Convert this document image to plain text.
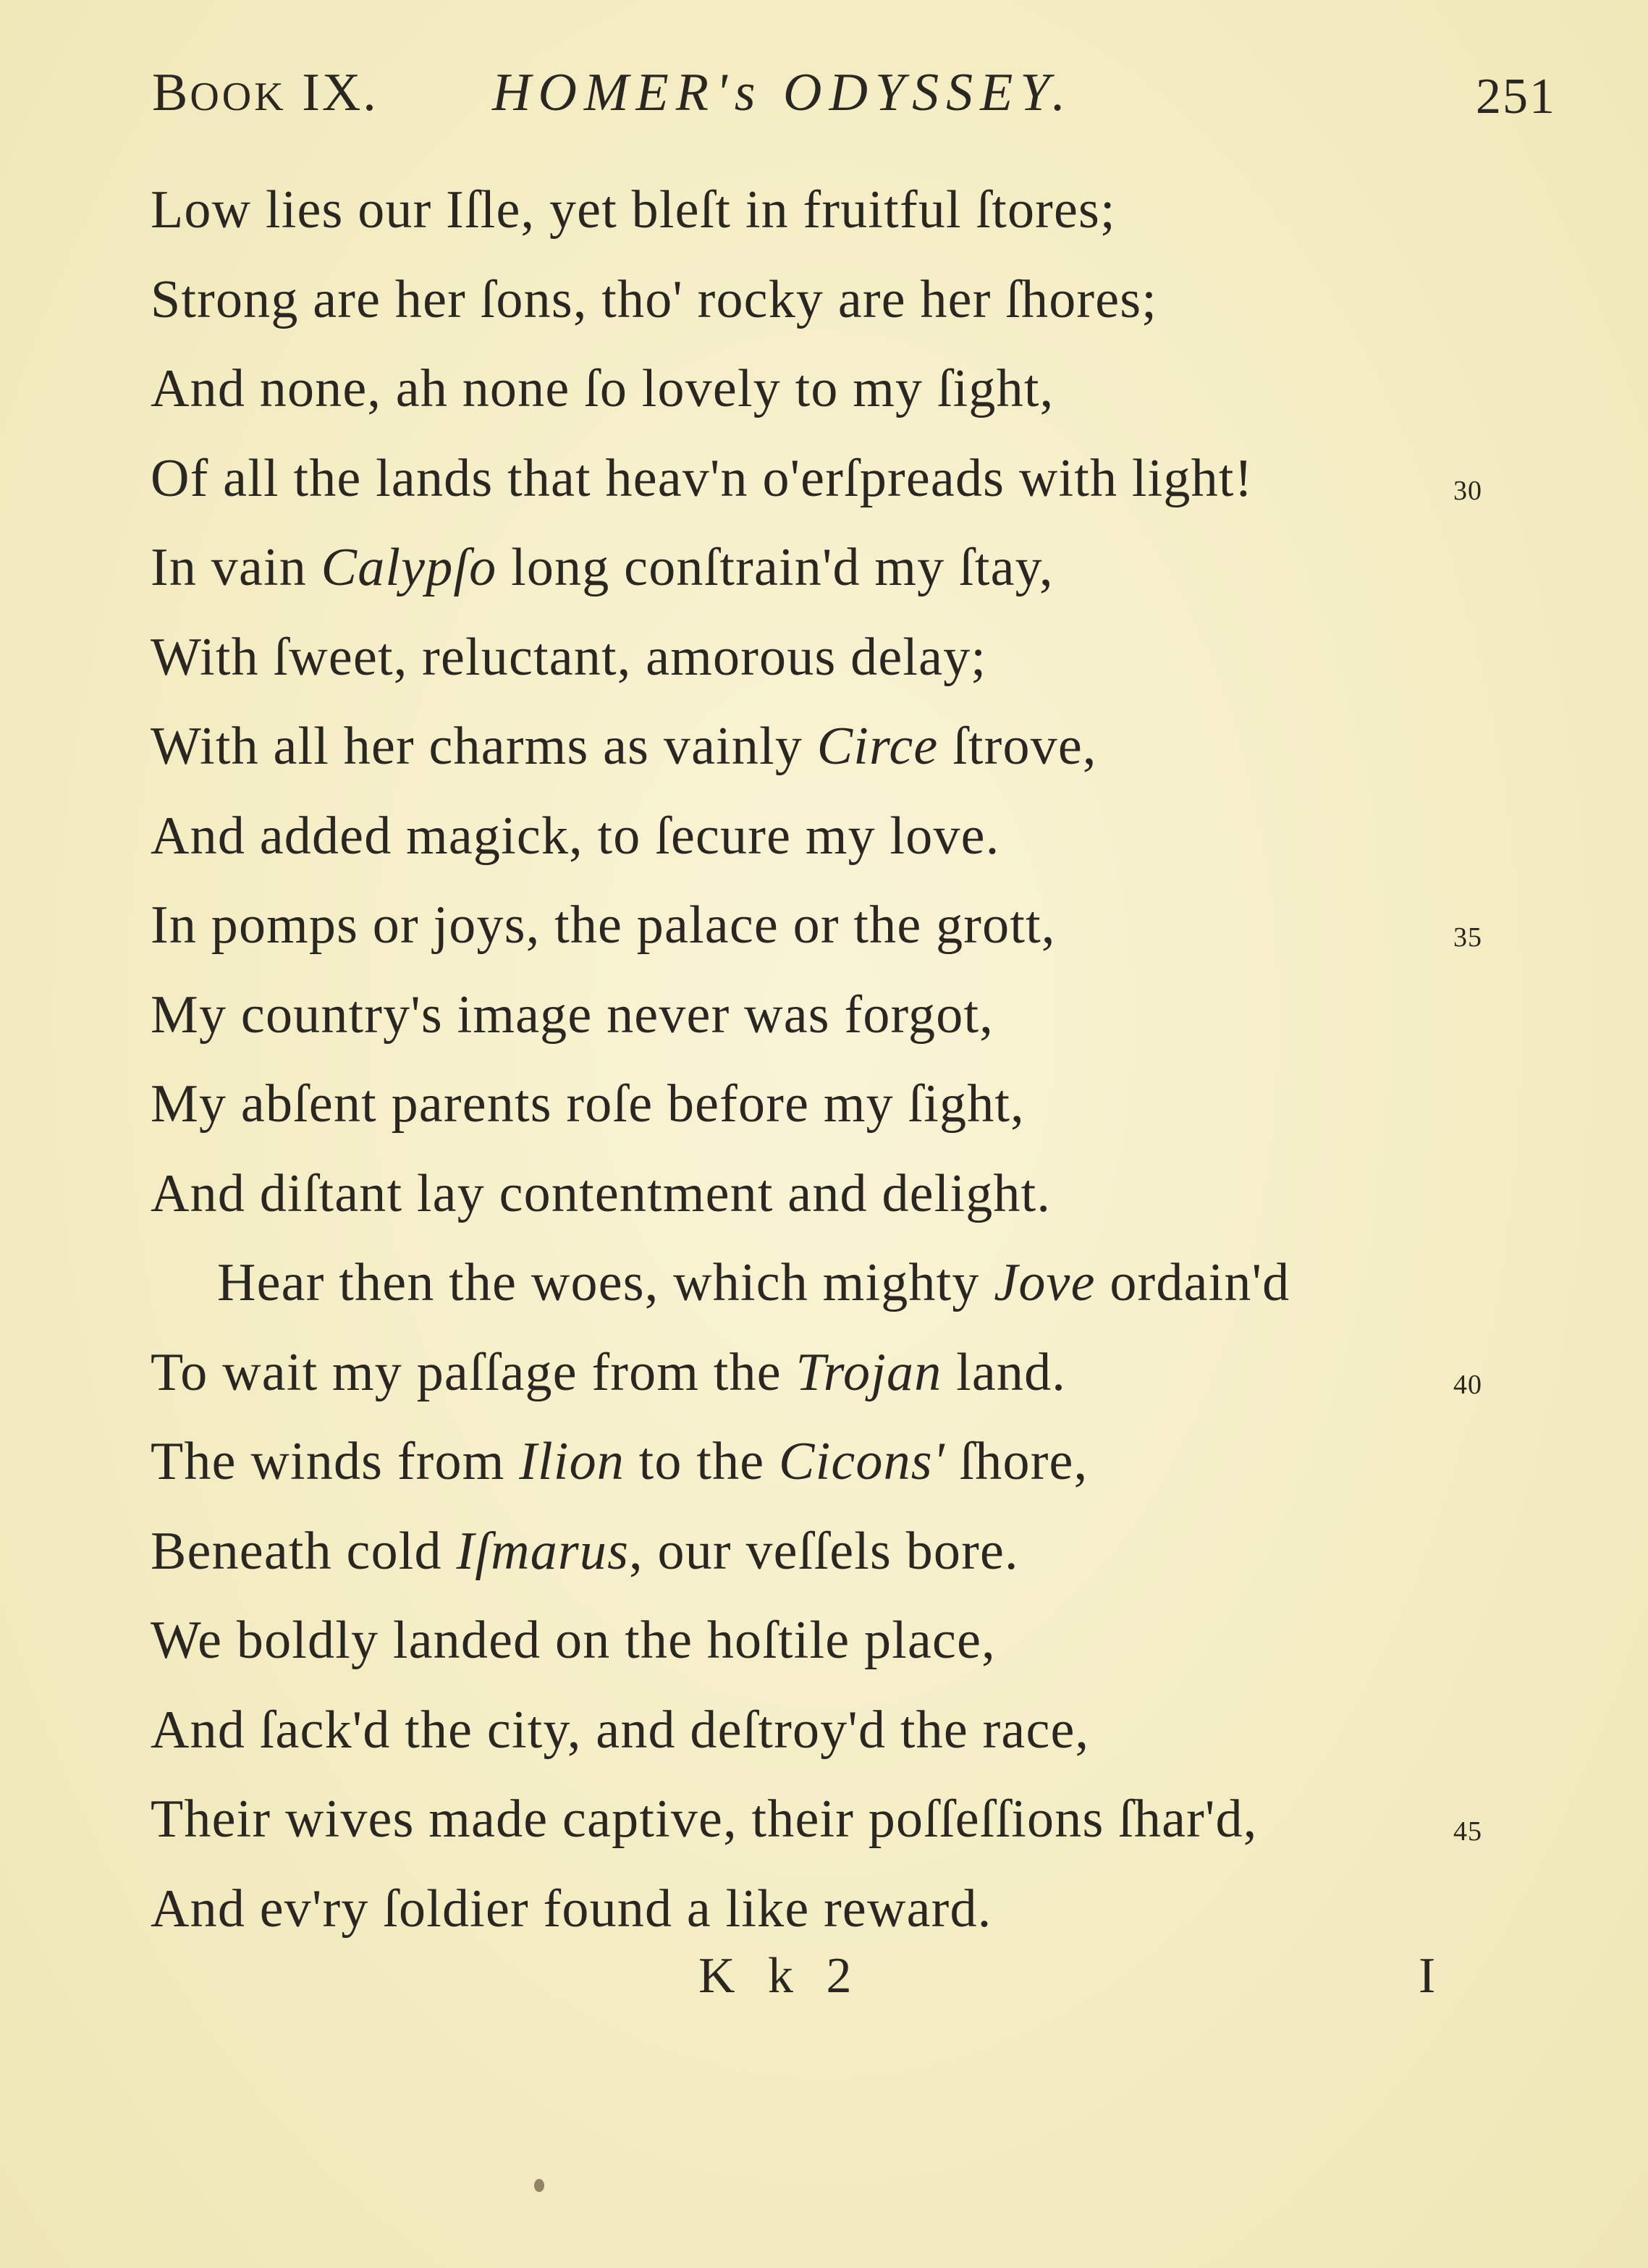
BOOK IX. HOMER's ODYSSEY.	251
Low lies our Iſle, yet bleſt in fruitful ſtores;
Strong are her ſons, tho' rocky are her ſhores;
And none, ah none ſo lovely to my ſight,
Of all the lands that heav'n o'erſpreads with light!	30
In vain Calypſo long conſtrain'd my ſtay,
With ſweet, reluctant, amorous delay;
With all her charms as vainly Circe ſtrove,
And added magick, to ſecure my love.
In pomps or joys, the palace or the grott,	35
My country's image never was forgot,
My abſent parents roſe before my ſight,
And diſtant lay contentment and delight.
Hear then the woes, which mighty Jove ordain'd
To wait my paſſage from the Trojan land.	40
The winds from Ilion to the Cicons' ſhore,
Beneath cold Iſmarus, our veſſels bore.
We boldly landed on the hoſtile place,
And ſack'd the city, and deſtroy'd the race,
Their wives made captive, their poſſeſſions ſhar'd,	45
And ev'ry ſoldier found a like reward.
K k 2	I
